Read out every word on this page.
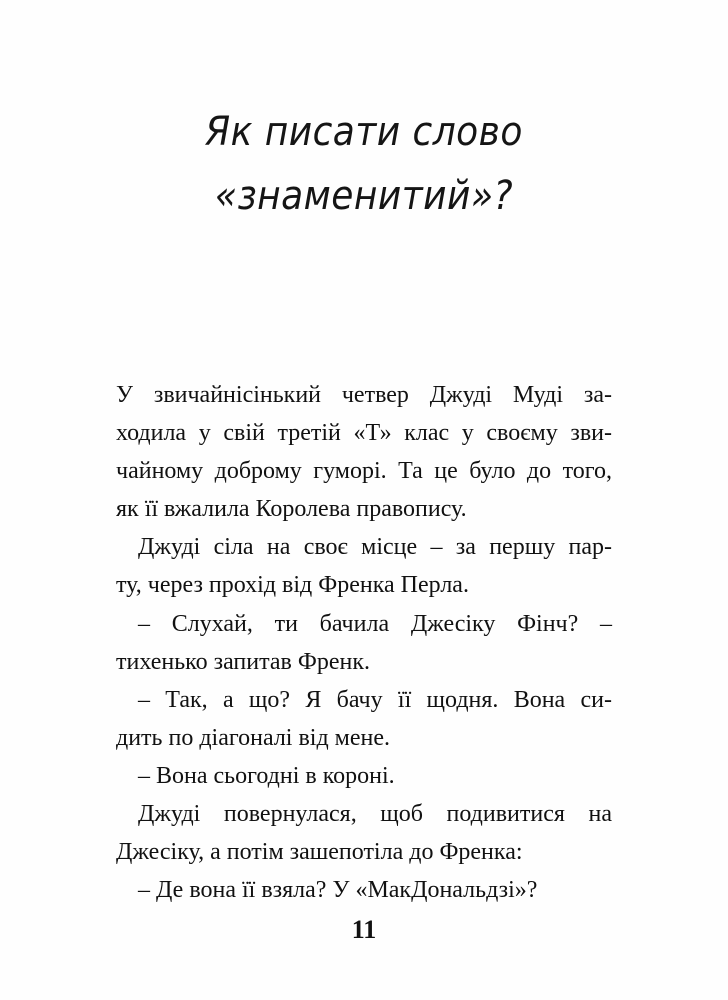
Як писати слово
«знаменитий»?
У звичайнісінький четвер Джуді Муді за-
ходила у свій третій «Т» клас у своєму зви-
чайному доброму гуморі. Та це було до того,
як її вжалила Королева правопису.
Джуді сіла на своє місце – за першу пар-
ту, через прохід від Френка Перла.
– Слухай, ти бачила Джесіку Фінч? –
тихенько запитав Френк.
– Так, а що? Я бачу її щодня. Вона си-
дить по діагоналі від мене.
– Вона сьогодні в короні.
Джуді повернулася, щоб подивитися на
Джесіку, а потім зашепотіла до Френка:
– Де вона її взяла? У «МакДональдзі»?
11
